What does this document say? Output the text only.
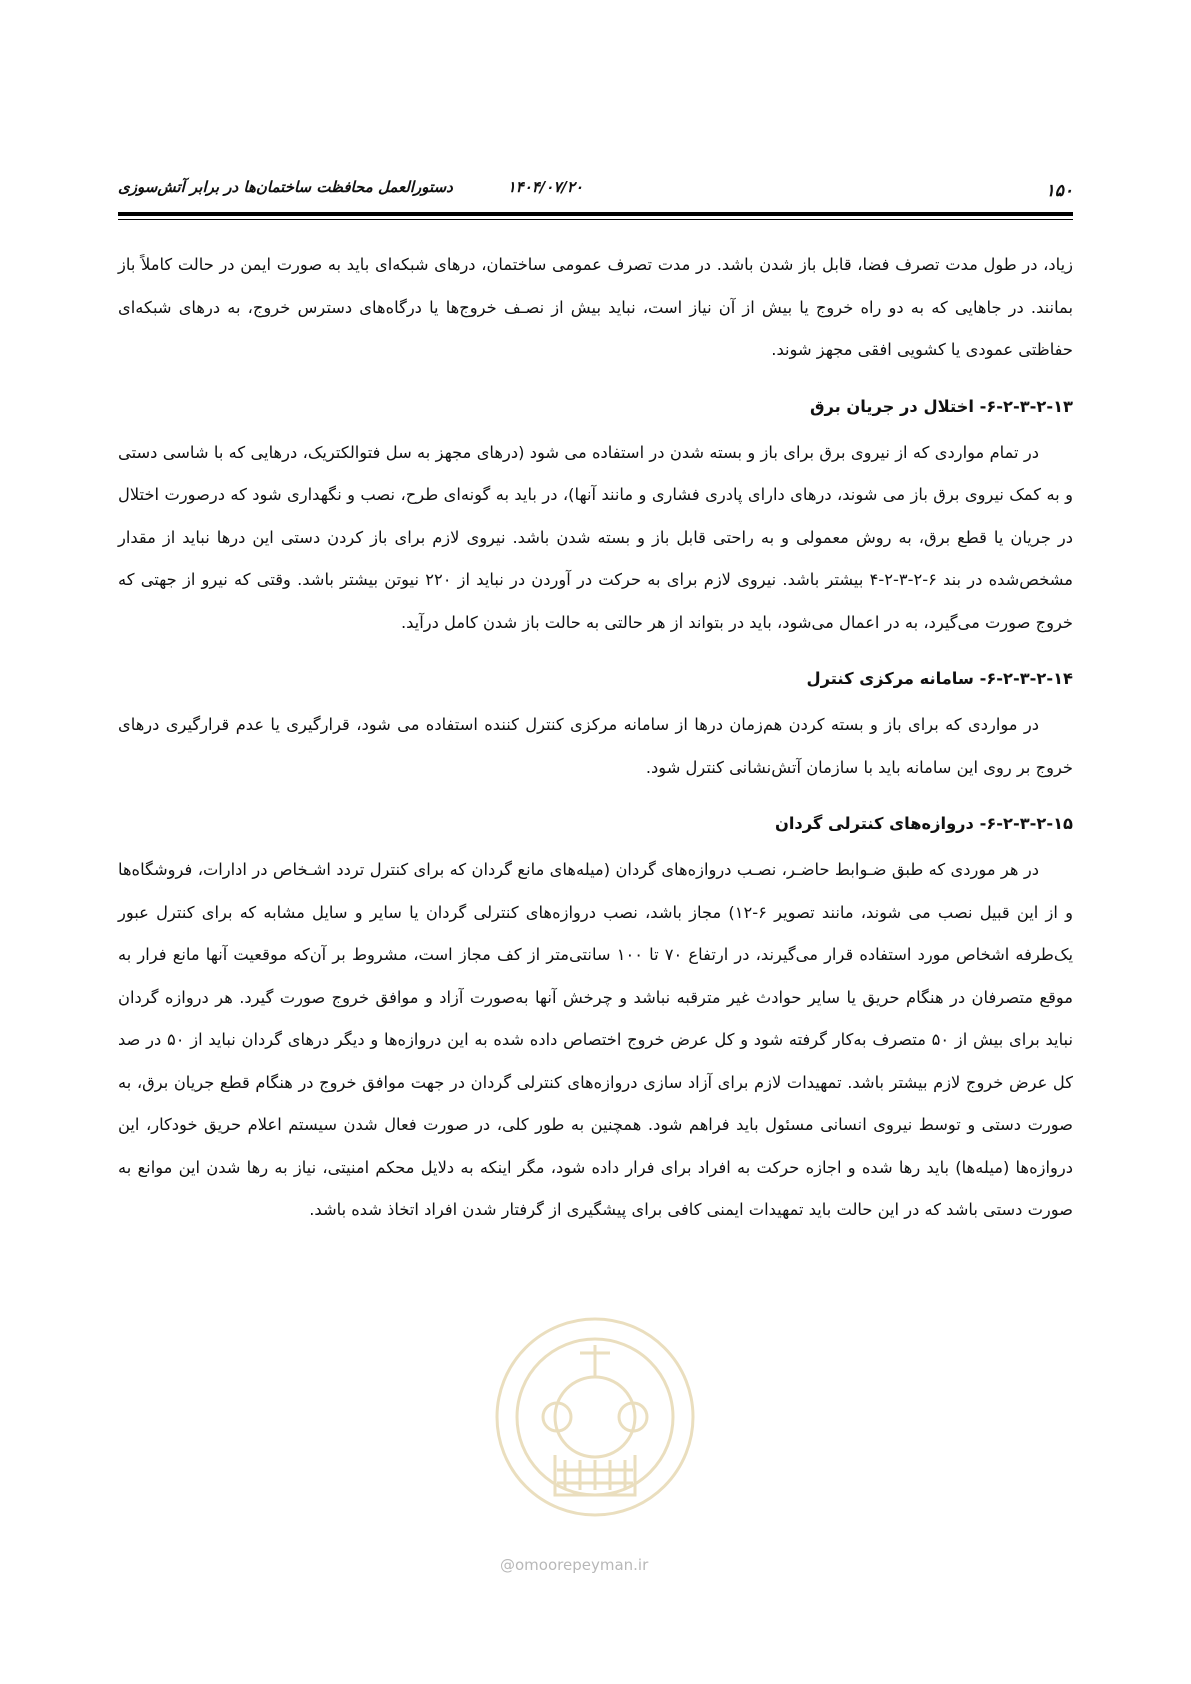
۱۵۰
۱۴۰۴/۰۷/۲۰
دستورالعمل محافظت ساختمان‌ها در برابر آتش‌سوزی

زیاد، در طول مدت تصرف فضا، قابل باز شدن باشد. در مدت تصرف عمومی ساختمان، درهای شبکه‌ای باید به صورت ایمن در حالت کاملاً باز بمانند. در جاهایی که به دو راه خروج یا بیش از آن نیاز است، نباید بیش از نصـف خروج‌ها یا درگاه‌های دسترس خروج، به درهای شبکه‌ای حفاظتی عمودی یا کشویی افقی مجهز شوند.

۶-۲-۳-۲-۱۳- اختلال در جریان برق

در تمام مواردی که از نیروی برق برای باز و بسته شدن در استفاده می شود (درهای مجهز به سل فتوالکتریک، درهایی که با شاسی دستی و به کمک نیروی برق باز می شوند، درهای دارای پادری فشاری و مانند آنها)، در باید به گونه‌ای طرح، نصب و نگهداری شود که درصورت اختلال در جریان یا قطع برق، به روش معمولی و به راحتی قابل باز و بسته شدن باشد. نیروی لازم برای باز کردن دستی این درها نباید از مقدار مشخص‌شده در بند ۶-۲-۳-۲-۴ بیشتر باشد. نیروی لازم برای به حرکت در آوردن در نباید از ۲۲۰ نیوتن بیشتر باشد. وقتی که نیرو از جهتی که خروج صورت می‌گیرد، به در اعمال می‌شود، باید در بتواند از هر حالتی به حالت باز شدن کامل درآید.

۶-۲-۳-۲-۱۴- سامانه مرکزی کنترل

در مواردی که برای باز و بسته کردن هم‌زمان درها از سامانه مرکزی کنترل کننده استفاده می شود، قرارگیری یا عدم قرارگیری درهای خروج بر روی این سامانه باید با سازمان آتش‌نشانی کنترل شود.

۶-۲-۳-۲-۱۵- دروازه‌های کنترلی گردان

در هر موردی که طبق ضـوابط حاضـر، نصـب دروازه‌های گردان (میله‌های مانع گردان که برای کنترل تردد اشـخاص در ادارات، فروشگاه‌ها و از این قبیل نصب می شوند، مانند تصویر ۶-۱۲) مجاز باشد، نصب دروازه‌های کنترلی گردان یا سایر و سایل مشابه که برای کنترل عبور یک‌طرفه اشخاص مورد استفاده قرار می‌گیرند، در ارتفاع ۷۰ تا ۱۰۰ سانتی‌متر از کف مجاز است، مشروط بر آن‌که موقعیت آنها مانع فرار به موقع متصرفان در هنگام حریق یا سایر حوادث غیر مترقبه نباشد و چرخش آنها به‌صورت آزاد و موافق خروج صورت گیرد. هر دروازه گردان نباید برای بیش از ۵۰ متصرف به‌کار گرفته شود و کل عرض خروج اختصاص داده شده به این دروازه‌ها و دیگر درهای گردان نباید از ۵۰ در صد کل عرض خروج لازم بیشتر باشد. تمهیدات لازم برای آزاد سازی دروازه‌های کنترلی گردان در جهت موافق خروج در هنگام قطع جریان برق، به صورت دستی و توسط نیروی انسانی مسئول باید فراهم شود. همچنین به طور کلی، در صورت فعال شدن سیستم اعلام حریق خودکار، این دروازه‌ها (میله‌ها) باید رها شده و اجازه حرکت به افراد برای فرار داده شود، مگر اینکه به دلایل محکم امنیتی، نیاز به رها شدن این موانع به صورت دستی باشد که در این حالت باید تمهیدات ایمنی کافی برای پیشگیری از گرفتار شدن افراد اتخاذ شده باشد.

@omoorepeyman.ir
